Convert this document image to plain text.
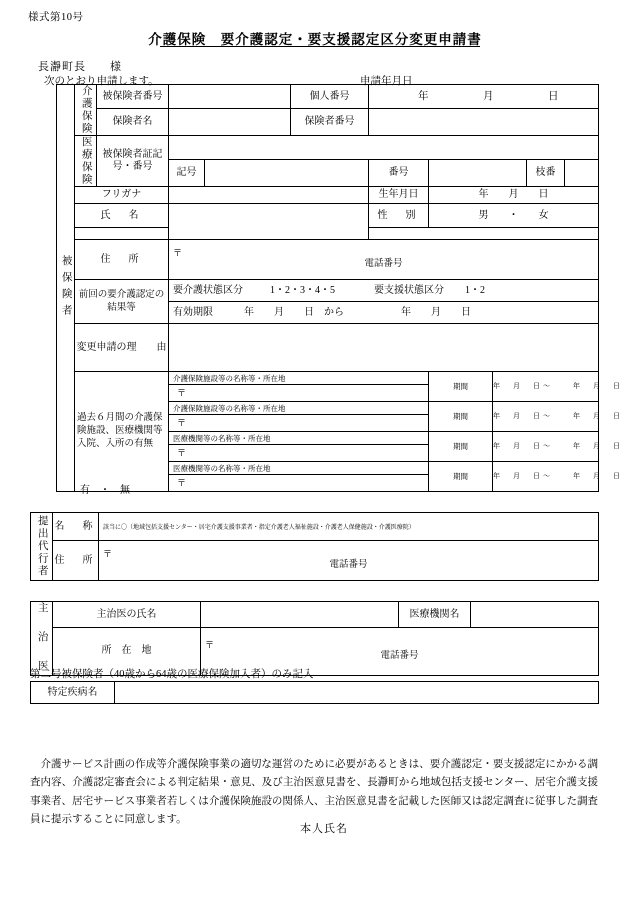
様式第10号
介護保険　要介護認定・要支援認定区分変更申請書
長瀞町長　　様
次のとおり申請します。	申請年月日年　月　日
被保険者	介護保険	被保険者番号			個人番号					

		保険者名			保険者番号					

	医療保険	被保険者証記号・番号								
			記号			番号			枝番	
	フリガナ					生年月日	年　　月　　日			
	氏　名					性　別	男　　・　　女			

	住　所		〒
電話番号							

	前回の要介護認定の結果等		要介護状態区分 1・2・3・4・5 要支援状態区分 1・2							
			有効期限 年　　月　　日　から 年　　月　　日							
	変更申請の理　　由									
	過去６月間の介護保険施設、医療機関等入院、入所の有無		介護保険施設等の名称等・所在地				期間	年　月　日〜　　年　月　日		

			〒							

			介護保険施設等の名称等・所在地				期間	年　月　日〜　　年　月　日		

			〒							

			医療機関等の名称等・所在地				期間	年　月　日〜　　年　月　日		

			〒							

			医療機関等の名称等・所在地				期間	年　月　日〜　　年　月　日		

			〒							
有　・　無
提出代行者	名　称	該当に〇（地域包括支援センター・居宅介護支援事業者・指定介護老人福祉施設・介護老人保健施設・介護医療院）
	住　所	〒
電話番号
主　治　医	主治医の氏名		医療機関名		
	所　在　地	〒
電話番号			

第二号被保険者（40歳から64歳の医療保険加入者）のみ記入
特定疾病名	

介護サービス計画の作成等介護保険事業の適切な運営のために必要があるときは、要介護認定・要支援認定にかかる調査内容、介護認定審査会による判定結果・意見、及び主治医意見書を、長瀞町から地域包括支援センター、居宅介護支援事業者、居宅サービス事業者若しくは介護保険施設の関係人、主治医意見書を記載した医師又は認定調査に従事した調査員に提示することに同意します。

本人氏名
